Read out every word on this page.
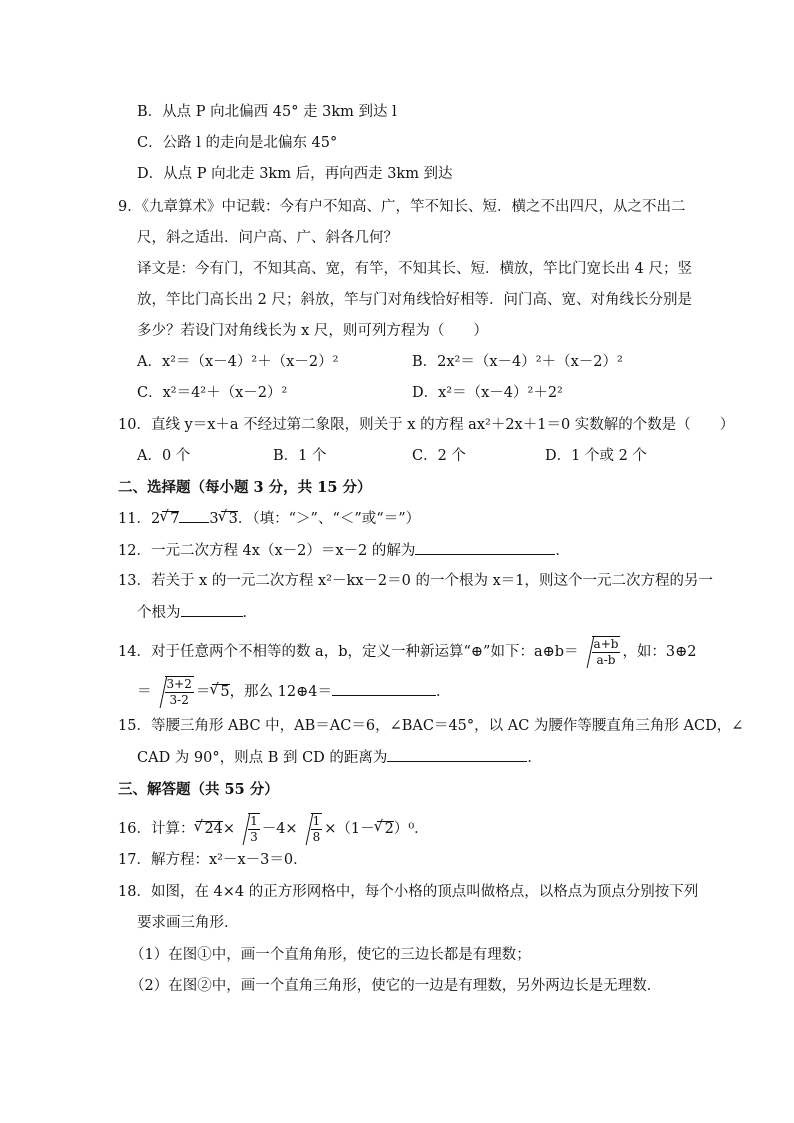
B．从点 P 向北偏西 45° 走 3km 到达 l
C．公路 l 的走向是北偏东 45°
D．从点 P 向北走 3km 后，再向西走 3km 到达
9．《九章算术》中记载：今有户不知高、广，竿不知长、短．横之不出四尺，从之不出二
尺，斜之适出．问户高、广、斜各几何？
译文是：今有门，不知其高、宽，有竿，不知其长、短．横放，竿比门宽长出 4 尺；竖
放，竿比门高长出 2 尺；斜放，竿与门对角线恰好相等．问门高、宽、对角线长分别是
多少？若设门对角线长为 x 尺，则可列方程为（　　）
A．x²＝（x－4）²＋（x－2）²	B．2x²＝（x－4）²＋（x－2）²
C．x²＝4²＋（x－2）²	D．x²＝（x－4）²＋2²
10．直线 y＝x＋a 不经过第二象限，则关于 x 的方程 ax²＋2x＋1＝0 实数解的个数是（　　）
A．0 个	B．1 个	C．2 个	D．1 个或 2 个
二、选择题（每小题 3 分，共 15 分）
11．2√ 7 3√ 3．（填：“＞”、“＜”或“＝”）
12．一元二次方程 4x（x－2）＝x－2 的解为	．
13．若关于 x 的一元二次方程 x²－kx－2＝0 的一个根为 x＝1，则这个一元二次方程的另一
个根为	．
14．对于任意两个不相等的数 a，b，定义一种新运算“⊕”如下：a⊕b＝ $\frac{a+b}{a-b}$ ，如：3⊕2
＝ $\frac{3+2}{3-2}$ ＝√ 5，那么 12⊕4＝	．
15．等腰三角形 ABC 中，AB＝AC＝6，∠BAC＝45°，以 AC 为腰作等腰直角三角形 ACD，∠
CAD 为 90°，则点 B 到 CD 的距离为	．
三、解答题（共 55 分）
16．计算：√ $24\times \frac{1}{3} -4\times \frac{1}{8} \times(1-√$ 2）⁰．
17．解方程：x²－x－3＝0．
18．如图，在 4×4 的正方形网格中，每个小格的顶点叫做格点，以格点为顶点分别按下列
要求画三角形．
（1）在图①中，画一个直角角形，使它的三边长都是有理数；
（2）在图②中，画一个直角三角形，使它的一边是有理数，另外两边长是无理数．
